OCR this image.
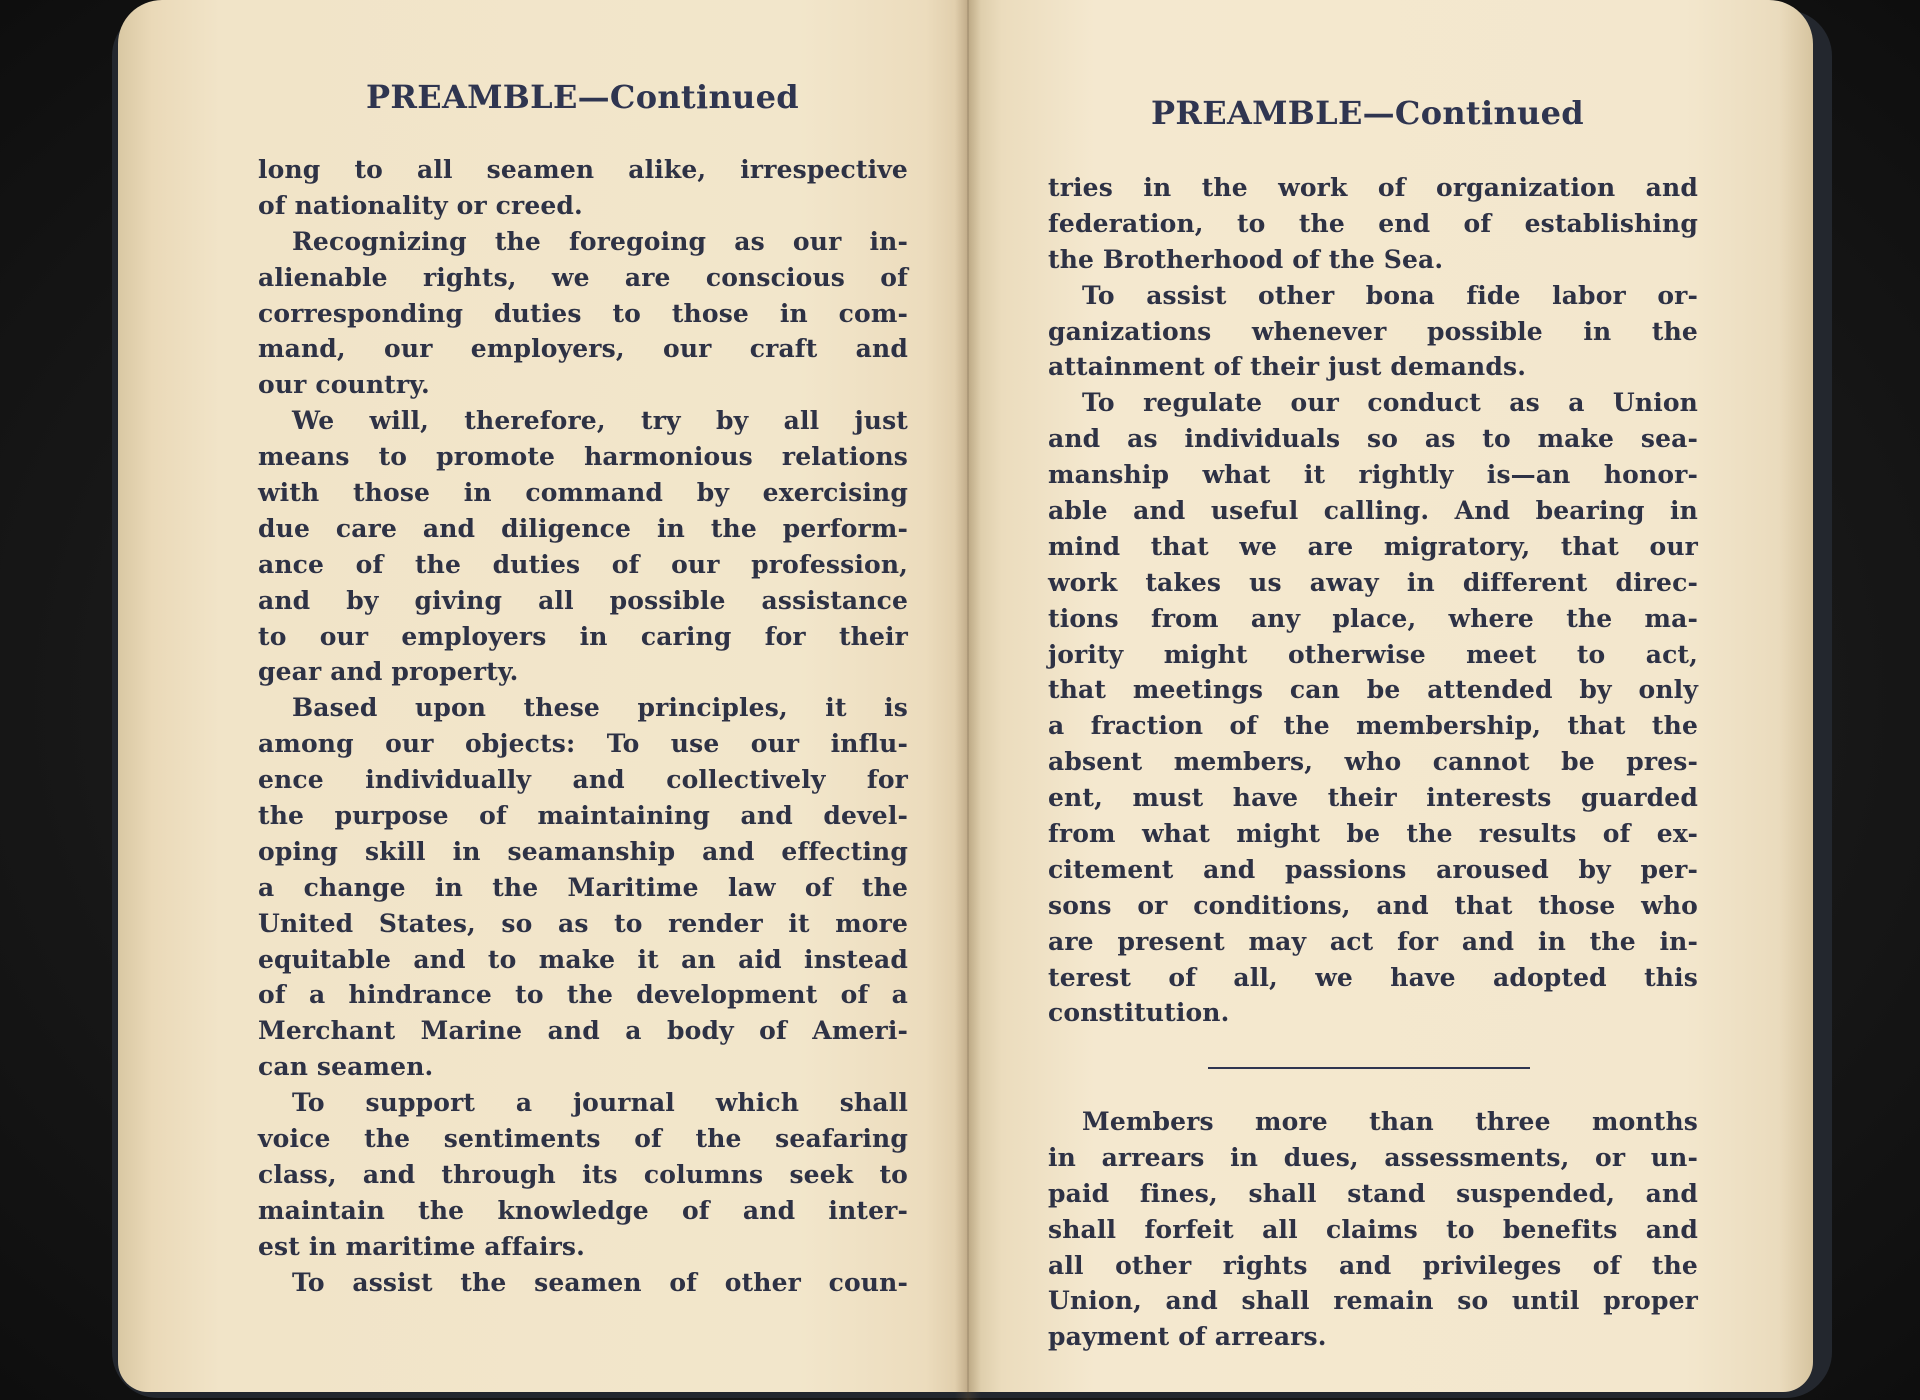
PREAMBLE—Continued
long to all seamen alike, irrespective
of nationality or creed.
Recognizing the foregoing as our in-
alienable rights, we are conscious of
corresponding duties to those in com-
mand, our employers, our craft and
our country.
We will, therefore, try by all just
means to promote harmonious relations
with those in command by exercising
due care and diligence in the perform-
ance of the duties of our profession,
and by giving all possible assistance
to our employers in caring for their
gear and property.
Based upon these principles, it is
among our objects: To use our influ-
ence individually and collectively for
the purpose of maintaining and devel-
oping skill in seamanship and effecting
a change in the Maritime law of the
United States, so as to render it more
equitable and to make it an aid instead
of a hindrance to the development of a
Merchant Marine and a body of Ameri-
can seamen.
To support a journal which shall
voice the sentiments of the seafaring
class, and through its columns seek to
maintain the knowledge of and inter-
est in maritime affairs.
To assist the seamen of other coun-
PREAMBLE—Continued
tries in the work of organization and
federation, to the end of establishing
the Brotherhood of the Sea.
To assist other bona fide labor or-
ganizations whenever possible in the
attainment of their just demands.
To regulate our conduct as a Union
and as individuals so as to make sea-
manship what it rightly is—an honor-
able and useful calling. And bearing in
mind that we are migratory, that our
work takes us away in different direc-
tions from any place, where the ma-
jority might otherwise meet to act,
that meetings can be attended by only
a fraction of the membership, that the
absent members, who cannot be pres-
ent, must have their interests guarded
from what might be the results of ex-
citement and passions aroused by per-
sons or conditions, and that those who
are present may act for and in the in-
terest of all, we have adopted this
constitution.
Members more than three months
in arrears in dues, assessments, or un-
paid fines, shall stand suspended, and
shall forfeit all claims to benefits and
all other rights and privileges of the
Union, and shall remain so until proper
payment of arrears.
